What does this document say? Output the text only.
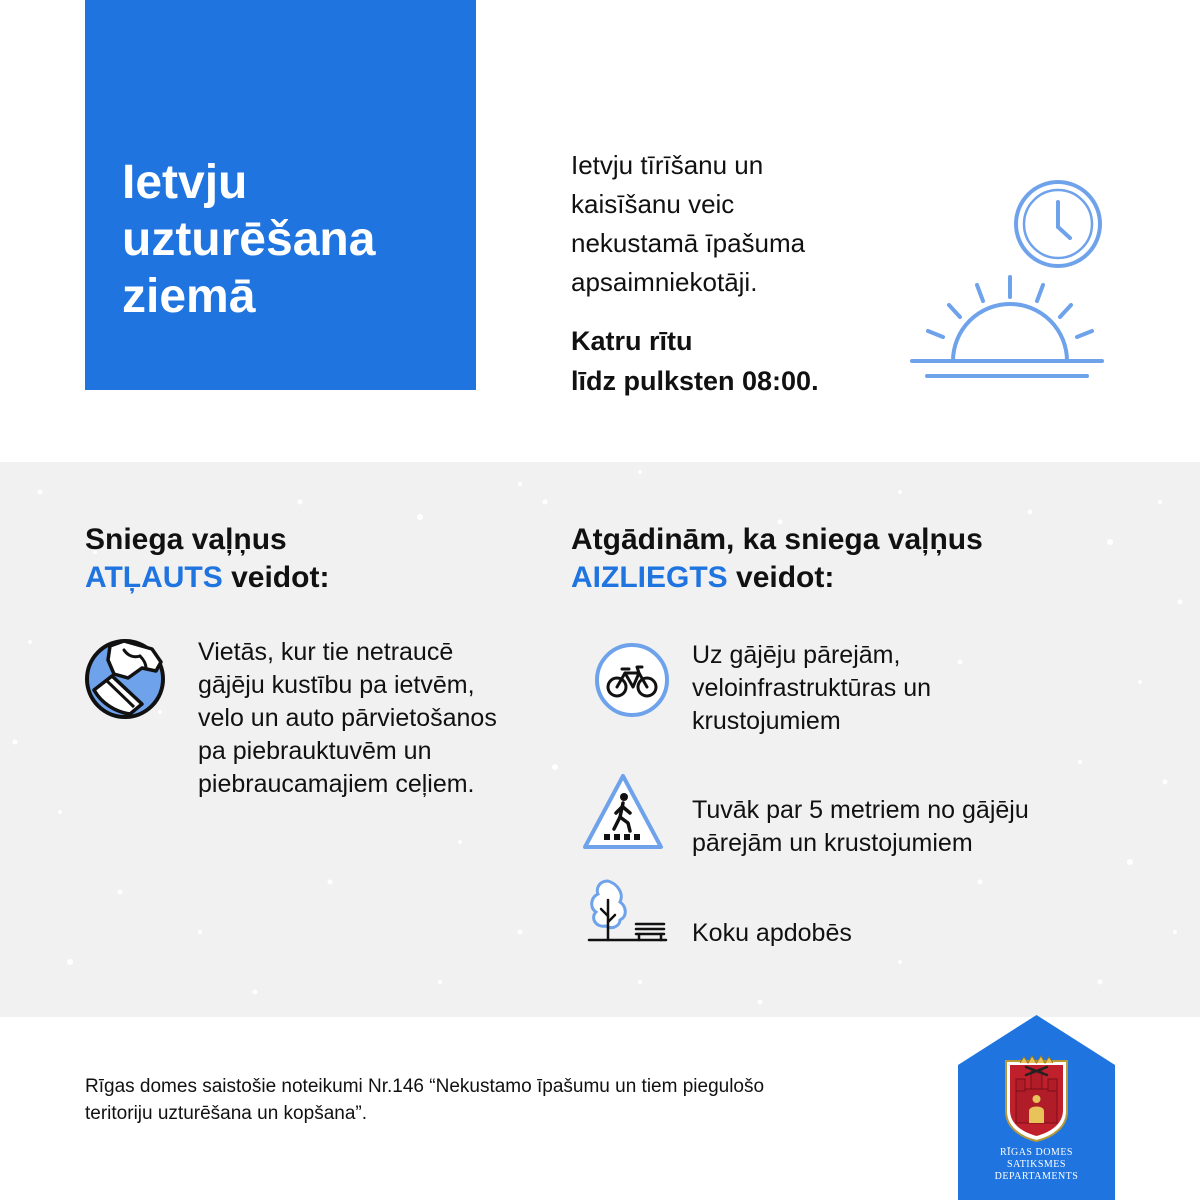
Ietvju
uzturēšana
ziemā
Ietvju tīrīšanu un
kaisīšanu veic
nekustamā īpašuma
apsaimniekotāji.
Katru rītu
līdz pulksten 08:00.
Sniega vaļņus
ATĻAUTS veidot:
Atgādinām, ka sniega vaļņus
AIZLIEGTS veidot:
Vietās, kur tie netraucē
gājēju kustību pa ietvēm,
velo un auto pārvietošanos
pa piebrauktuvēm un
piebraucamajiem ceļiem.
Uz gājēju pārejām,
veloinfrastruktūras un
krustojumiem
Tuvāk par 5 metriem no gājēju
pārejām un krustojumiem
Koku apdobēs
Rīgas domes saistošie noteikumi Nr.146 “Nekustamo īpašumu un tiem piegulošo
teritoriju uzturēšana un kopšana”.
RĪGAS DOMES
SATIKSMES
DEPARTAMENTS
